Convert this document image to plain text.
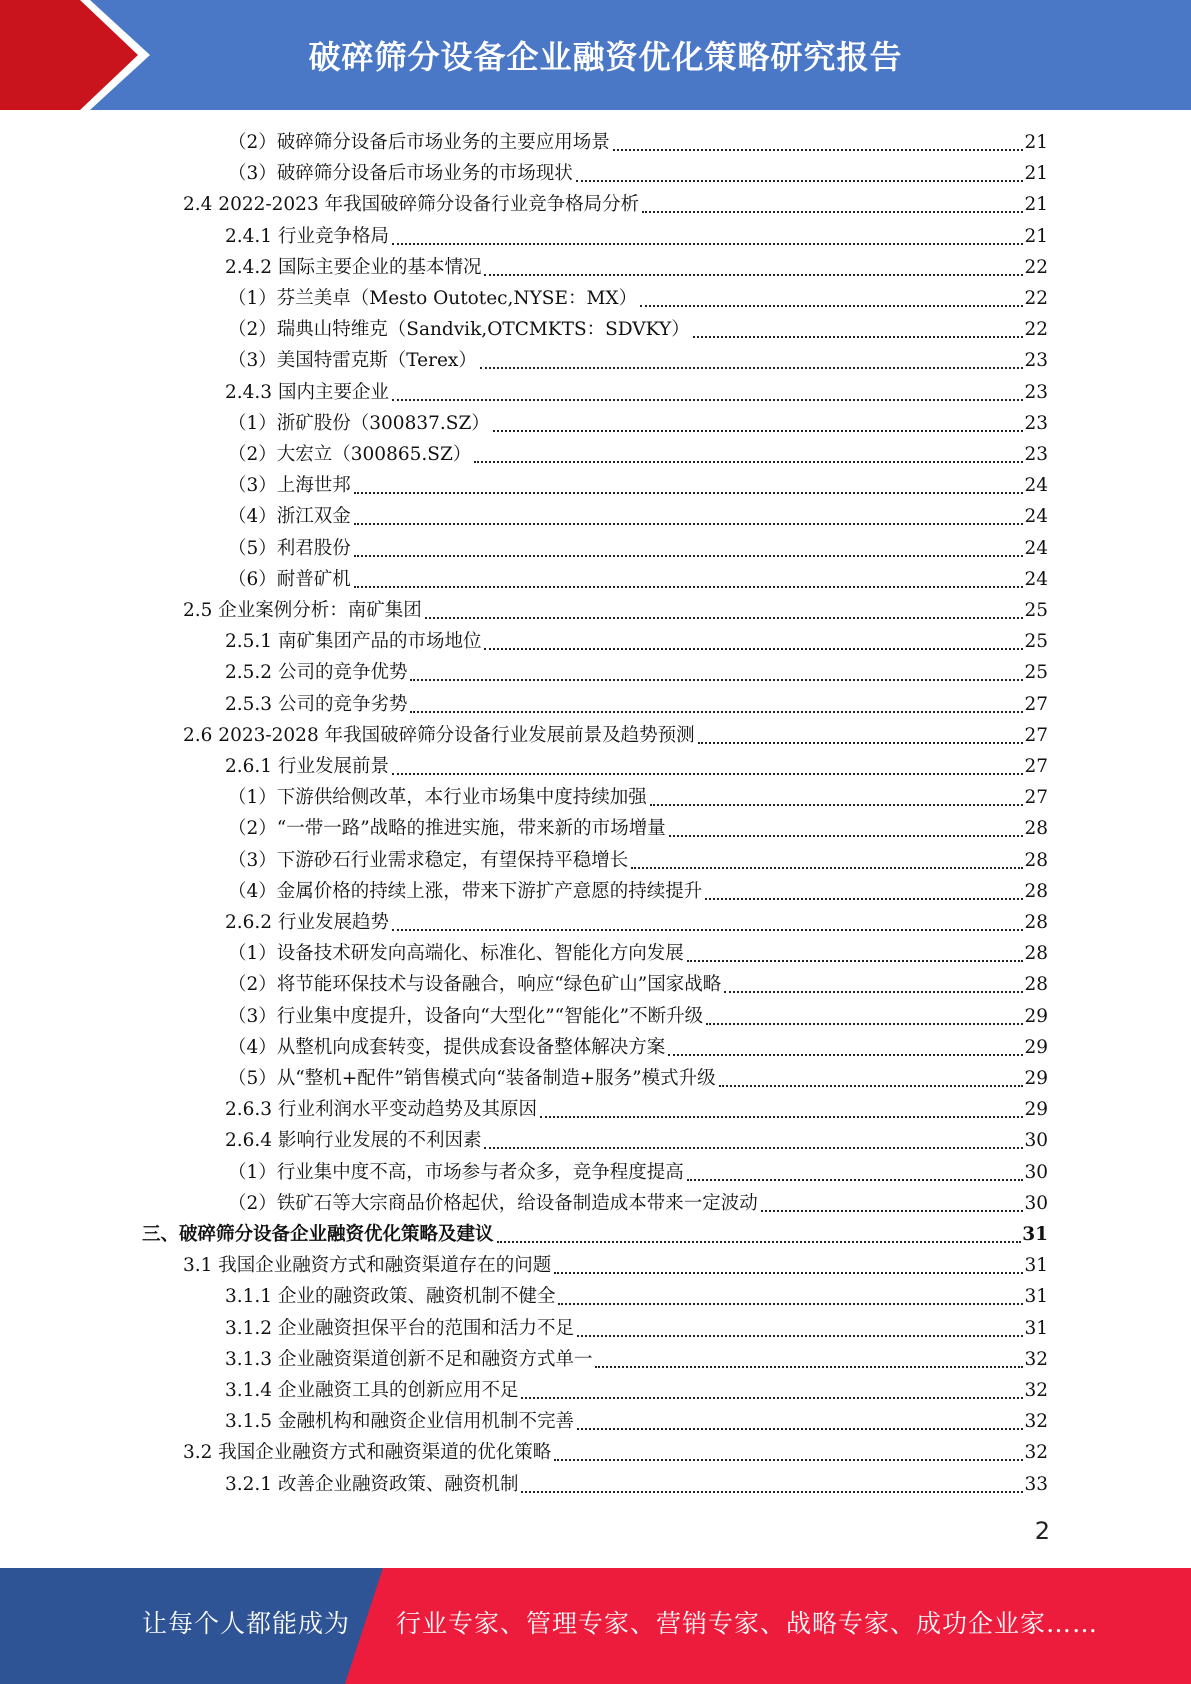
破碎筛分设备企业融资优化策略研究报告
（2）破碎筛分设备后市场业务的主要应用场景	21
（3）破碎筛分设备后市场业务的市场现状	21
2.4 2022-2023 年我国破碎筛分设备行业竞争格局分析	21
2.4.1 行业竞争格局	21
2.4.2 国际主要企业的基本情况	22
（1）芬兰美卓（Mesto Outotec,NYSE：MX）	22
（2）瑞典山特维克（Sandvik,OTCMKTS：SDVKY）	22
（3）美国特雷克斯（Terex）	23
2.4.3 国内主要企业	23
（1）浙矿股份（300837.SZ）	23
（2）大宏立（300865.SZ）	23
（3）上海世邦	24
（4）浙江双金	24
（5）利君股份	24
（6）耐普矿机	24
2.5 企业案例分析：南矿集团	25
2.5.1 南矿集团产品的市场地位	25
2.5.2 公司的竞争优势	25
2.5.3 公司的竞争劣势	27
2.6 2023-2028 年我国破碎筛分设备行业发展前景及趋势预测	27
2.6.1 行业发展前景	27
（1）下游供给侧改革，本行业市场集中度持续加强	27
（2）“一带一路”战略的推进实施，带来新的市场增量	28
（3）下游砂石行业需求稳定，有望保持平稳增长	28
（4）金属价格的持续上涨，带来下游扩产意愿的持续提升	28
2.6.2 行业发展趋势	28
（1）设备技术研发向高端化、标准化、智能化方向发展	28
（2）将节能环保技术与设备融合，响应“绿色矿山”国家战略	28
（3）行业集中度提升，设备向“大型化”“智能化”不断升级	29
（4）从整机向成套转变，提供成套设备整体解决方案	29
（5）从“整机+配件”销售模式向“装备制造+服务”模式升级	29
2.6.3 行业利润水平变动趋势及其原因	29
2.6.4 影响行业发展的不利因素	30
（1）行业集中度不高，市场参与者众多，竞争程度提高	30
（2）铁矿石等大宗商品价格起伏，给设备制造成本带来一定波动	30
三、破碎筛分设备企业融资优化策略及建议	31
3.1 我国企业融资方式和融资渠道存在的问题	31
3.1.1 企业的融资政策、融资机制不健全	31
3.1.2 企业融资担保平台的范围和活力不足	31
3.1.3 企业融资渠道创新不足和融资方式单一	32
3.1.4 企业融资工具的创新应用不足	32
3.1.5 金融机构和融资企业信用机制不完善	32
3.2 我国企业融资方式和融资渠道的优化策略	32
3.2.1 改善企业融资政策、融资机制	33
2
让每个人都能成为 行业专家、管理专家、营销专家、战略专家、成功企业家……
